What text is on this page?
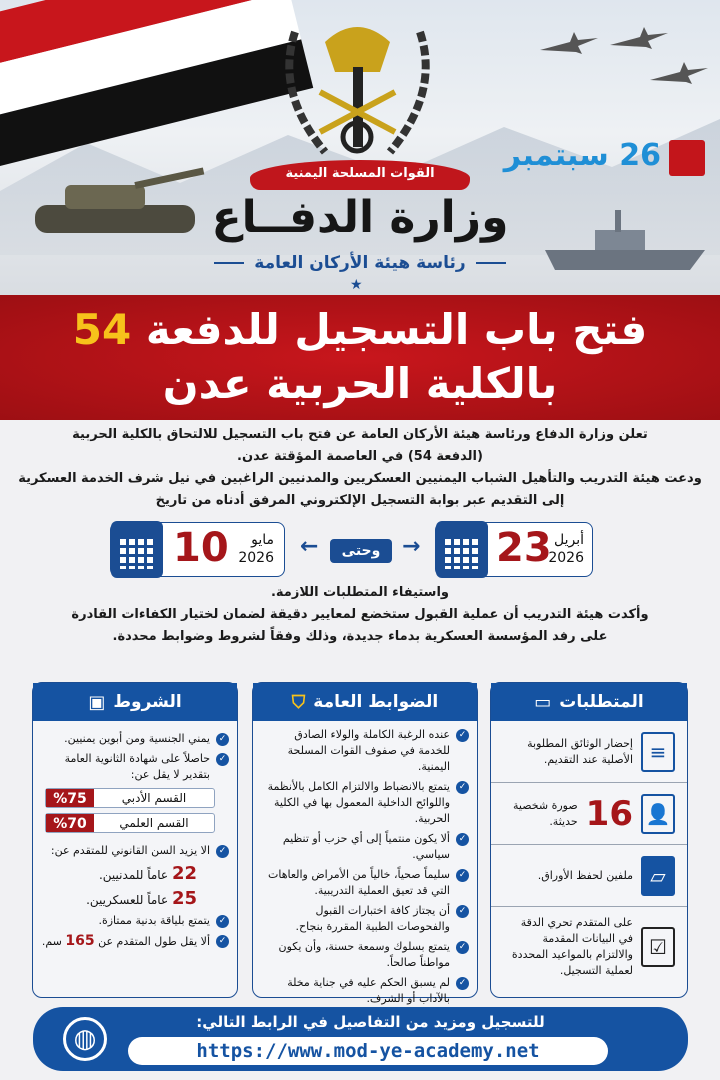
القوات المسلحة اليمنية
26 سبتمبر
وزارة الدفــاع
رئاسة هيئة الأركان العامة
★
فتح باب التسجيل للدفعة 54
بالكلية الحربية عدن
تعلن وزارة الدفاع ورئاسة هيئة الأركان العامة عن فتح باب التسجيل للالتحاق بالكلية الحربية
(الدفعة 54) في العاصمة المؤقتة عدن.
ودعت هيئة التدريب والتأهيل الشباب اليمنيين العسكريين والمدنيين الراغبين في نيل شرف الخدمة العسكرية
إلى التقديم عبر بوابة التسجيل الإلكتروني المرفق أدناه من تاريخ
10	مايو
2026 ←	وحتى → 23 أبريل
2026
واستيفاء المتطلبات اللازمة.
وأكدت هيئة التدريب أن عملية القبول ستخضع لمعايير دقيقة لضمان لختيار الكفاءات القادرة
على رفد المؤسسة العسكرية بدماء جديدة، وذلك وفقاً لشروط وضوابط محددة.
الشروط
▣
✓
يمني الجنسية ومن أبوين يمنيين.
✓
حاصلاً على شهادة الثانوية العامة بتقدير لا يقل عن:
القسم الأدبي
%75
القسم العلمي
%70
✓
الا يزيد السن القانوني للمتقدم عن:
22 عاماً للمدنيين.
25 عاماً للعسكريين.
✓
يتمتع بلياقة بدنية ممتازة.
✓
ألا يقل طول المتقدم عن 165 سم.
الضوابط العامة
⛉
✓
عنده الرغبة الكاملة والولاء الصادق للخدمة في صفوف القوات المسلحة اليمنية.
✓
يتمتع بالانضباط والالتزام الكامل بالأنظمة واللوائح الداخلية المعمول بها في الكلية الحربية.
✓
ألا يكون منتمياً إلى أي حزب أو تنظيم سياسي.
✓
سليماً صحياً، خالياً من الأمراض والعاهات التي قد تعيق العملية التدريبية.
✓
أن يجتاز كافة اختبارات القبول والفحوصات الطبية المقررة بنجاح.
✓
يتمتع بسلوك وسمعة حسنة، وأن يكون مواطناً صالحاً.
✓
لم يسبق الحكم عليه في جناية مخلة بالآداب أو الشرف.
المتطلبات
▭
≡
إحضار الوثائق المطلوبة الأصلية عند التقديم.
👤
16
صورة شخصية حديثة.
▱
ملفين لحفظ الأوراق.
☑
على المتقدم تحري الدقة في البيانات المقدمة والالتزام بالمواعيد المحددة لعملية التسجيل.
◍
للتسجيل ومزيد من التفاصيل في الرابط التالي:
https://www.mod-ye-academy.net
